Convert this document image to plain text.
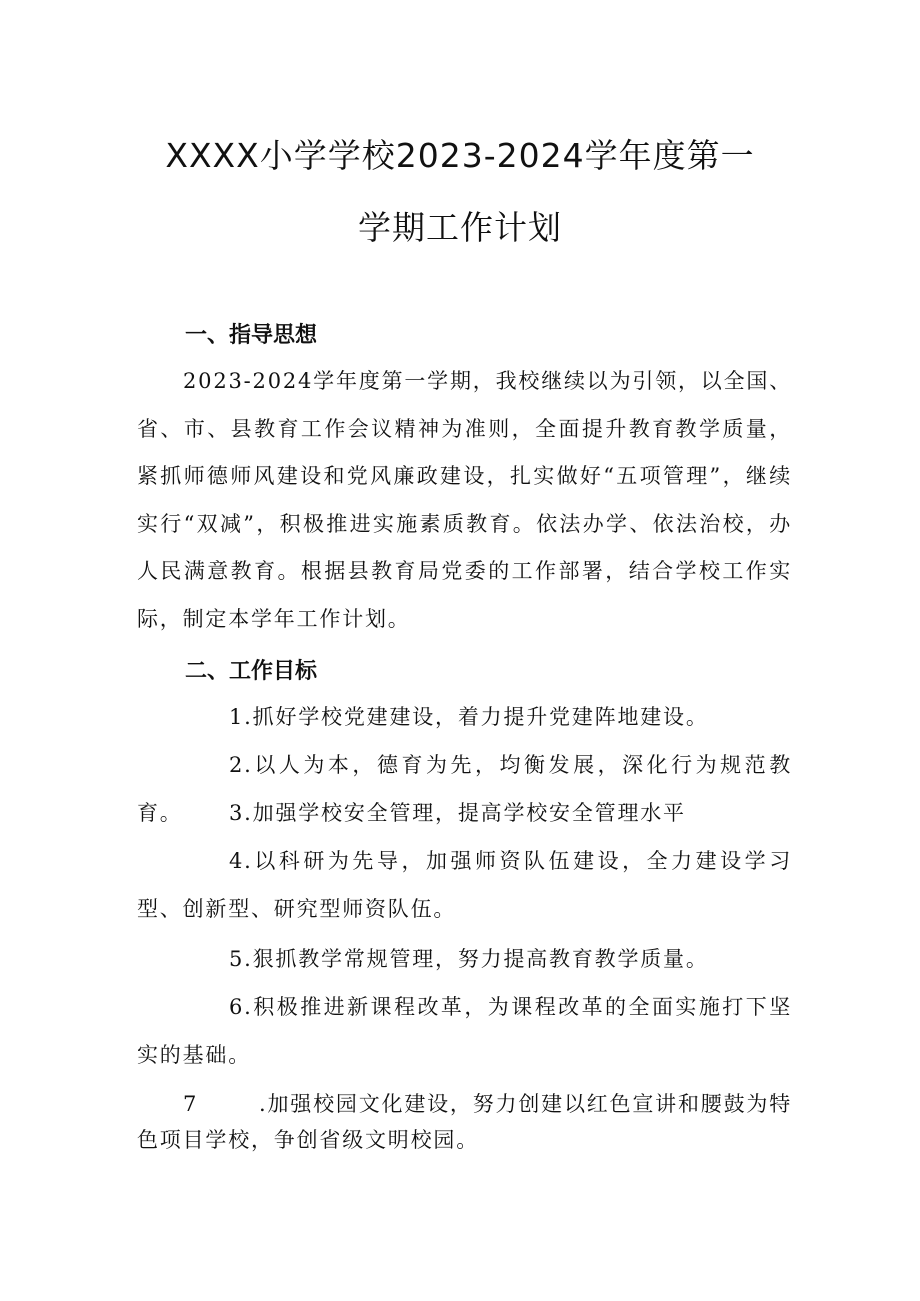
XXXX小学学校2023-2024学年度第一
学期工作计划
一、指导思想

2023-2024学年度第一学期，我校继续以为引领，以全国、省、市、县教育工作会议精神为准则，全面提升教育教学质量，紧抓师德师风建设和党风廉政建设，扎实做好“五项管理”，继续实行“双减”，积极推进实施素质教育。依法办学、依法治校，办人民满意教育。根据县教育局党委的工作部署，结合学校工作实际，制定本学年工作计划。

二、工作目标

1.抓好学校党建建设，着力提升党建阵地建设。

2.以人为本，德育为先，均衡发展，深化行为规范教育。	3.加强学校安全管理，提高学校安全管理水平

4.以科研为先导，加强师资队伍建设，全力建设学习型、创新型、研究型师资队伍。

5.狠抓教学常规管理，努力提高教育教学质量。

6.积极推进新课程改革，为课程改革的全面实施打下坚实的基础。

7	.加强校园文化建设，努力创建以红色宣讲和腰鼓为特色项目学校，争创省级文明校园。
